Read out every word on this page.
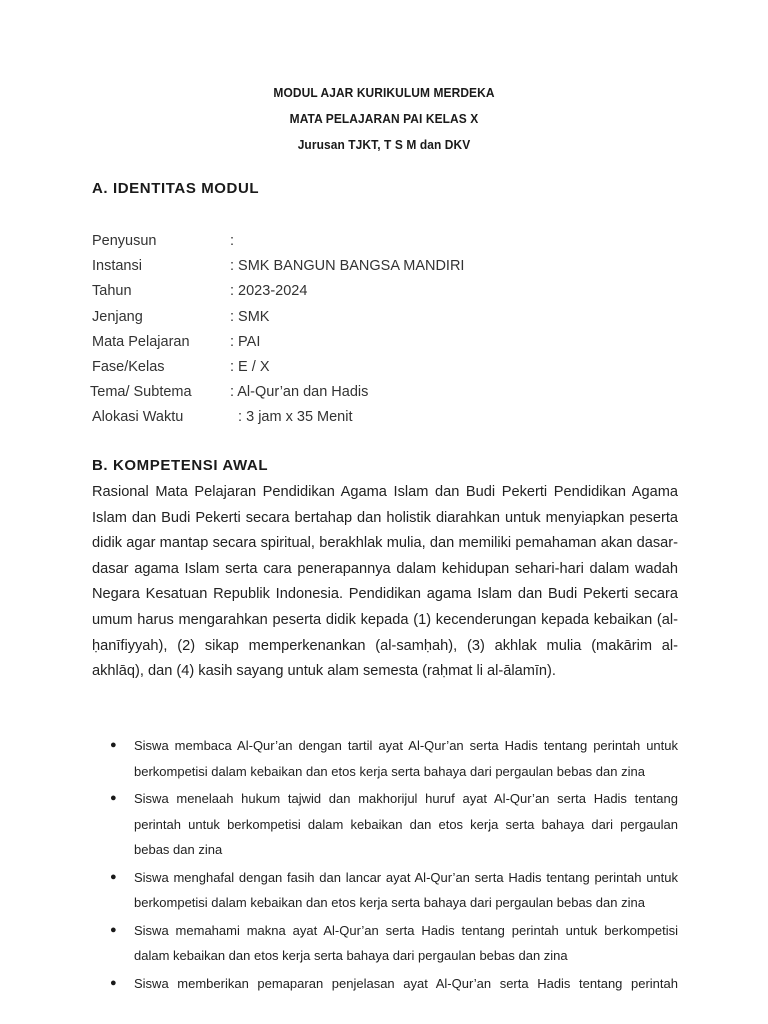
MODUL AJAR KURIKULUM MERDEKA
MATA PELAJARAN PAI KELAS X
Jurusan TJKT, T S M dan DKV
A. IDENTITAS MODUL
Penyusun	:
Instansi	: SMK BANGUN BANGSA MANDIRI
Tahun	: 2023-2024
Jenjang	: SMK
Mata Pelajaran	: PAI
Fase/Kelas	: E / X
Tema/ Subtema	: Al-Qur’an dan Hadis
Alokasi Waktu	: 3 jam x 35 Menit
B. KOMPETENSI AWAL

Rasional Mata Pelajaran Pendidikan Agama Islam dan Budi Pekerti Pendidikan Agama Islam dan Budi Pekerti secara bertahap dan holistik diarahkan untuk menyiapkan peserta didik agar mantap secara spiritual, berakhlak mulia, dan memiliki pemahaman akan dasar-dasar agama Islam serta cara penerapannya dalam kehidupan sehari-hari dalam wadah Negara Kesatuan Republik Indonesia. Pendidikan agama Islam dan Budi Pekerti secara umum harus mengarahkan peserta didik kepada (1) kecenderungan kepada kebaikan (al-ḥanīfiyyah), (2) sikap memperkenankan (al-samḥah), (3) akhlak mulia (makārim al-akhlāq), dan (4) kasih sayang untuk alam semesta (raḥmat li al-ālamīn).

● Siswa membaca Al-Qur’an dengan tartil ayat Al-Qur’an serta Hadis tentang perintah untuk berkompetisi dalam kebaikan dan etos kerja serta bahaya dari pergaulan bebas dan zina
● Siswa menelaah hukum tajwid dan makhorijul huruf ayat Al-Qur’an serta Hadis tentang perintah untuk berkompetisi dalam kebaikan dan etos kerja serta bahaya dari pergaulan bebas dan zina
● Siswa menghafal dengan fasih dan lancar ayat Al-Qur’an serta Hadis tentang perintah untuk berkompetisi dalam kebaikan dan etos kerja serta bahaya dari pergaulan bebas dan zina
● Siswa memahami makna ayat Al-Qur’an serta Hadis tentang perintah untuk berkompetisi dalam kebaikan dan etos kerja serta bahaya dari pergaulan bebas dan zina
● Siswa memberikan pemaparan penjelasan ayat Al-Qur’an serta Hadis tentang perintah
